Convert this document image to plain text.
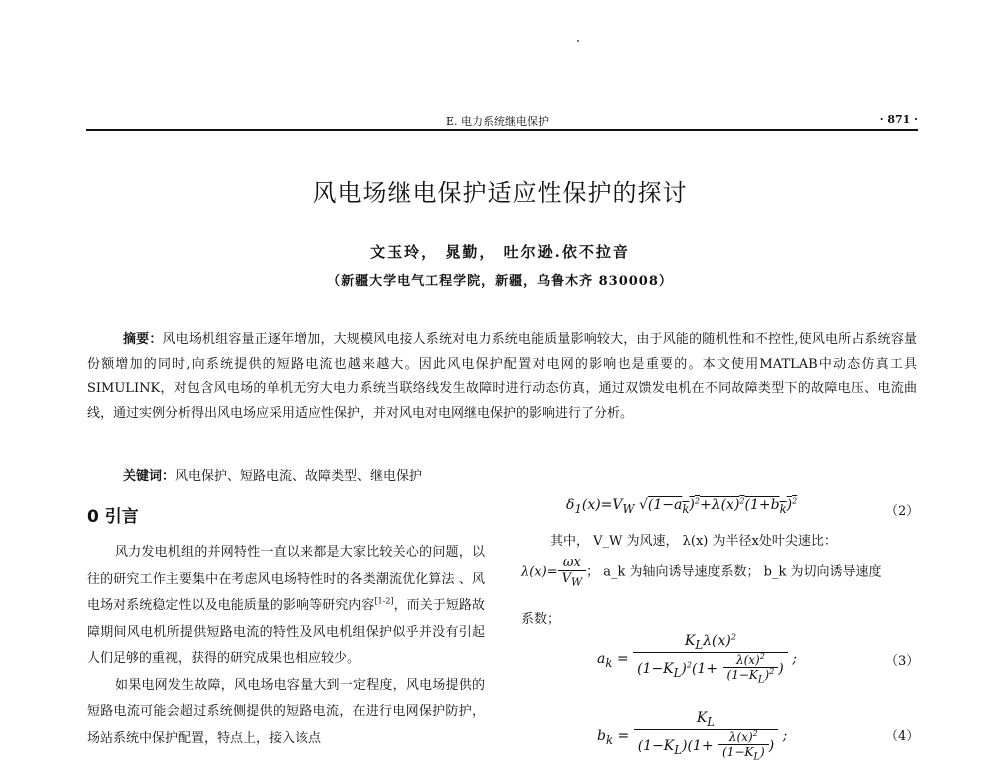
E. 电力系统继电保护	· 871 ·
风电场继电保护适应性保护的探讨
文玉玲， 晁勤， 吐尔逊.依不拉音
（新疆大学电气工程学院，新疆，乌鲁木齐 830008）

摘要：风电场机组容量正逐年增加，大规模风电接人系统对电力系统电能质量影响较大，由于风能的随机性和不控性,使风电所占系统容量份额增加的同时,向系统提供的短路电流也越来越大。因此风电保护配置对电网的影响也是重要的。本文使用MATLAB中动态仿真工具SIMULINK，对包含风电场的单机无穷大电力系统当联络线发生故障时进行动态仿真，通过双馈发电机在不同故障类型下的故障电压、电流曲线，通过实例分析得出风电场应采用适应性保护，并对风电对电网继电保护的影响进行了分析。

关键词：风电保护、短路电流、故障类型、继电保护
0 引言

风力发电机组的并网特性一直以来都是大家比较关心的问题，以往的研究工作主要集中在考虑风电场特性时的各类潮流优化算法 、风电场对系统稳定性以及电能质量的影响等研究内容[1-2]，而关于短路故障期间风电机所提供短路电流的特性及风电机组保护似乎并没有引起人们足够的重视，获得的研究成果也相应较少。

如果电网发生故障，风电场电容量大到一定程度，风电场提供的短路电流可能会超过系统侧提供的短路电流，在进行电网保护防护，场站系统中保护配置，特点上，接入该点

$\delta_1(x)=V_W$ $√(1-a_k)^2+\lambda(x)^2(1+b_k)^2$
（2）
其中， V_W 为风速， λ(x) 为半径x处叶尖速比：
$\lambda(x)= \frac{\omega x}{V_W}$ ； a_k 为轴向诱导速度系数； b_k 为切向诱导速度
系数；
$a_k = \frac{K_L\lambda(x)^2}{(1-K_L)^2(1+ \frac{\lambda(x)^2}{(1-K_L)^2} )}$ ;	（3）
$b_k = \frac{K_L}{(1-K_L)(1+ \frac{\lambda(x)^2}{(1-K_L)} )}$ ;	（4）
